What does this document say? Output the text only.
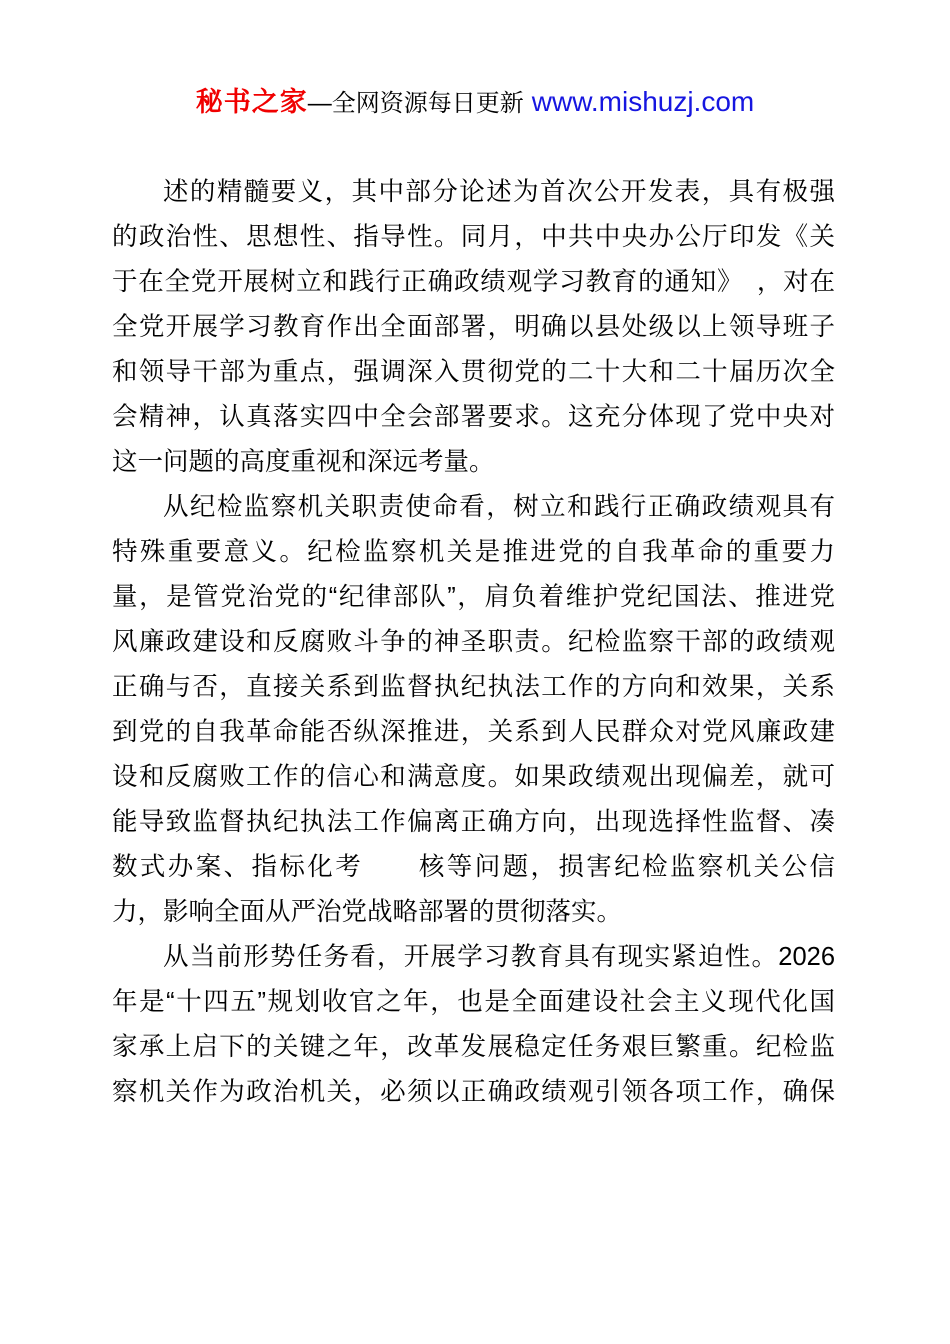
秘书之家—全网资源每日更新 www.mishuzj.com
述的精髓要义，其中部分论述为首次公开发表，具有极强
的政治性、思想性、指导性。同月，中共中央办公厅印发《关
于在全党开展树立和践行正确政绩观学习教育的通知》　，对在
全党开展学习教育作出全面部署，明确以县处级以上领导班子
和领导干部为重点，强调深入贯彻党的二十大和二十届历次全
会精神，认真落实四中全会部署要求。这充分体现了党中央对
这一问题的高度重视和深远考量。
从纪检监察机关职责使命看，树立和践行正确政绩观具有
特殊重要意义。纪检监察机关是推进党的自我革命的重要力
量，是管党治党的“纪律部队”，肩负着维护党纪国法、推进党
风廉政建设和反腐败斗争的神圣职责。纪检监察干部的政绩观
正确与否，直接关系到监督执纪执法工作的方向和效果，关系
到党的自我革命能否纵深推进，关系到人民群众对党风廉政建
设和反腐败工作的信心和满意度。如果政绩观出现偏差，就可
能导致监督执纪执法工作偏离正确方向，出现选择性监督、凑
数式办案、指标化考　　核等问题，损害纪检监察机关公信
力，影响全面从严治党战略部署的贯彻落实。
从当前形势任务看，开展学习教育具有现实紧迫性。2026
年是“十四五”规划收官之年，也是全面建设社会主义现代化国
家承上启下的关键之年，改革发展稳定任务艰巨繁重。纪检监
察机关作为政治机关，必须以正确政绩观引领各项工作，确保
